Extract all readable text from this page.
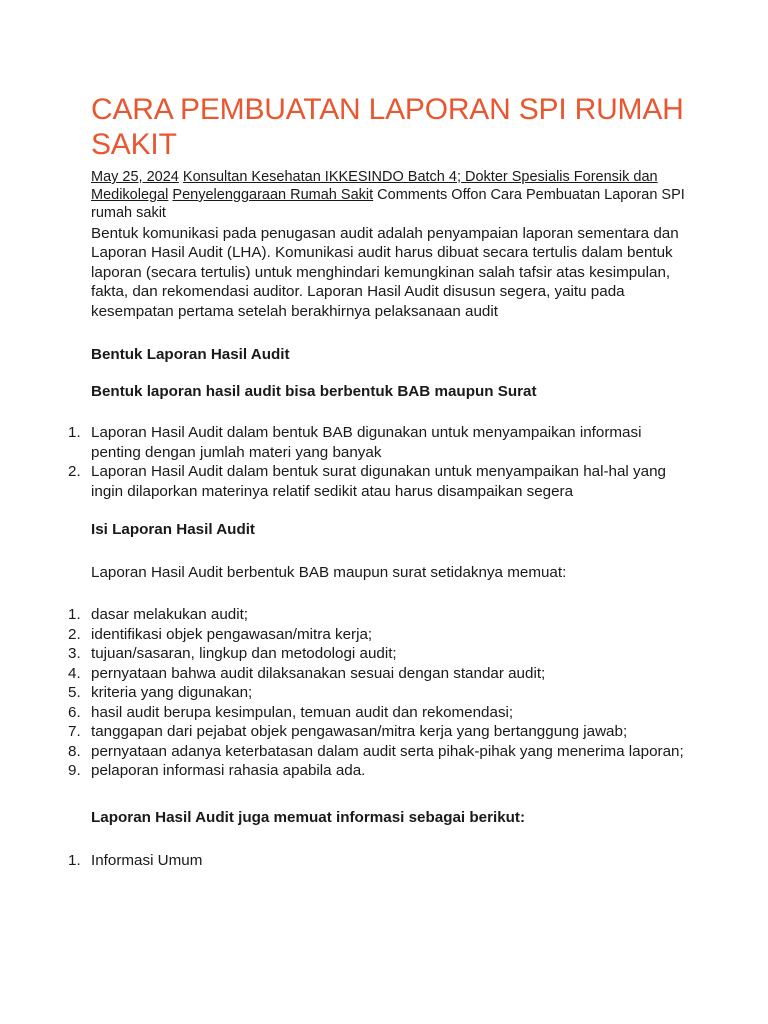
CARA PEMBUATAN LAPORAN SPI RUMAH SAKIT
May 25, 2024 Konsultan Kesehatan IKKESINDO Batch 4; Dokter Spesialis Forensik dan Medikolegal Penyelenggaraan Rumah Sakit Comments Offon Cara Pembuatan Laporan SPI rumah sakit

Bentuk komunikasi pada penugasan audit adalah penyampaian laporan sementara dan Laporan Hasil Audit (LHA). Komunikasi audit harus dibuat secara tertulis dalam bentuk laporan (secara tertulis) untuk menghindari kemungkinan salah tafsir atas kesimpulan, fakta, dan rekomendasi auditor. Laporan Hasil Audit disusun segera, yaitu pada kesempatan pertama setelah berakhirnya pelaksanaan audit

Bentuk Laporan Hasil Audit

Bentuk laporan hasil audit bisa berbentuk BAB maupun Surat

1. Laporan Hasil Audit dalam bentuk BAB digunakan untuk menyampaikan informasi penting dengan jumlah materi yang banyak
2. Laporan Hasil Audit dalam bentuk surat digunakan untuk menyampaikan hal-hal yang ingin dilaporkan materinya relatif sedikit atau harus disampaikan segera

Isi Laporan Hasil Audit

Laporan Hasil Audit berbentuk BAB maupun surat setidaknya memuat:

1. dasar melakukan audit;
2. identifikasi objek pengawasan/mitra kerja;
3. tujuan/sasaran, lingkup dan metodologi audit;
4. pernyataan bahwa audit dilaksanakan sesuai dengan standar audit;
5. kriteria yang digunakan;
6. hasil audit berupa kesimpulan, temuan audit dan rekomendasi;
7. tanggapan dari pejabat objek pengawasan/mitra kerja yang bertanggung jawab;
8. pernyataan adanya keterbatasan dalam audit serta pihak-pihak yang menerima laporan;
9. pelaporan informasi rahasia apabila ada.

Laporan Hasil Audit juga memuat informasi sebagai berikut:

1. Informasi Umum
